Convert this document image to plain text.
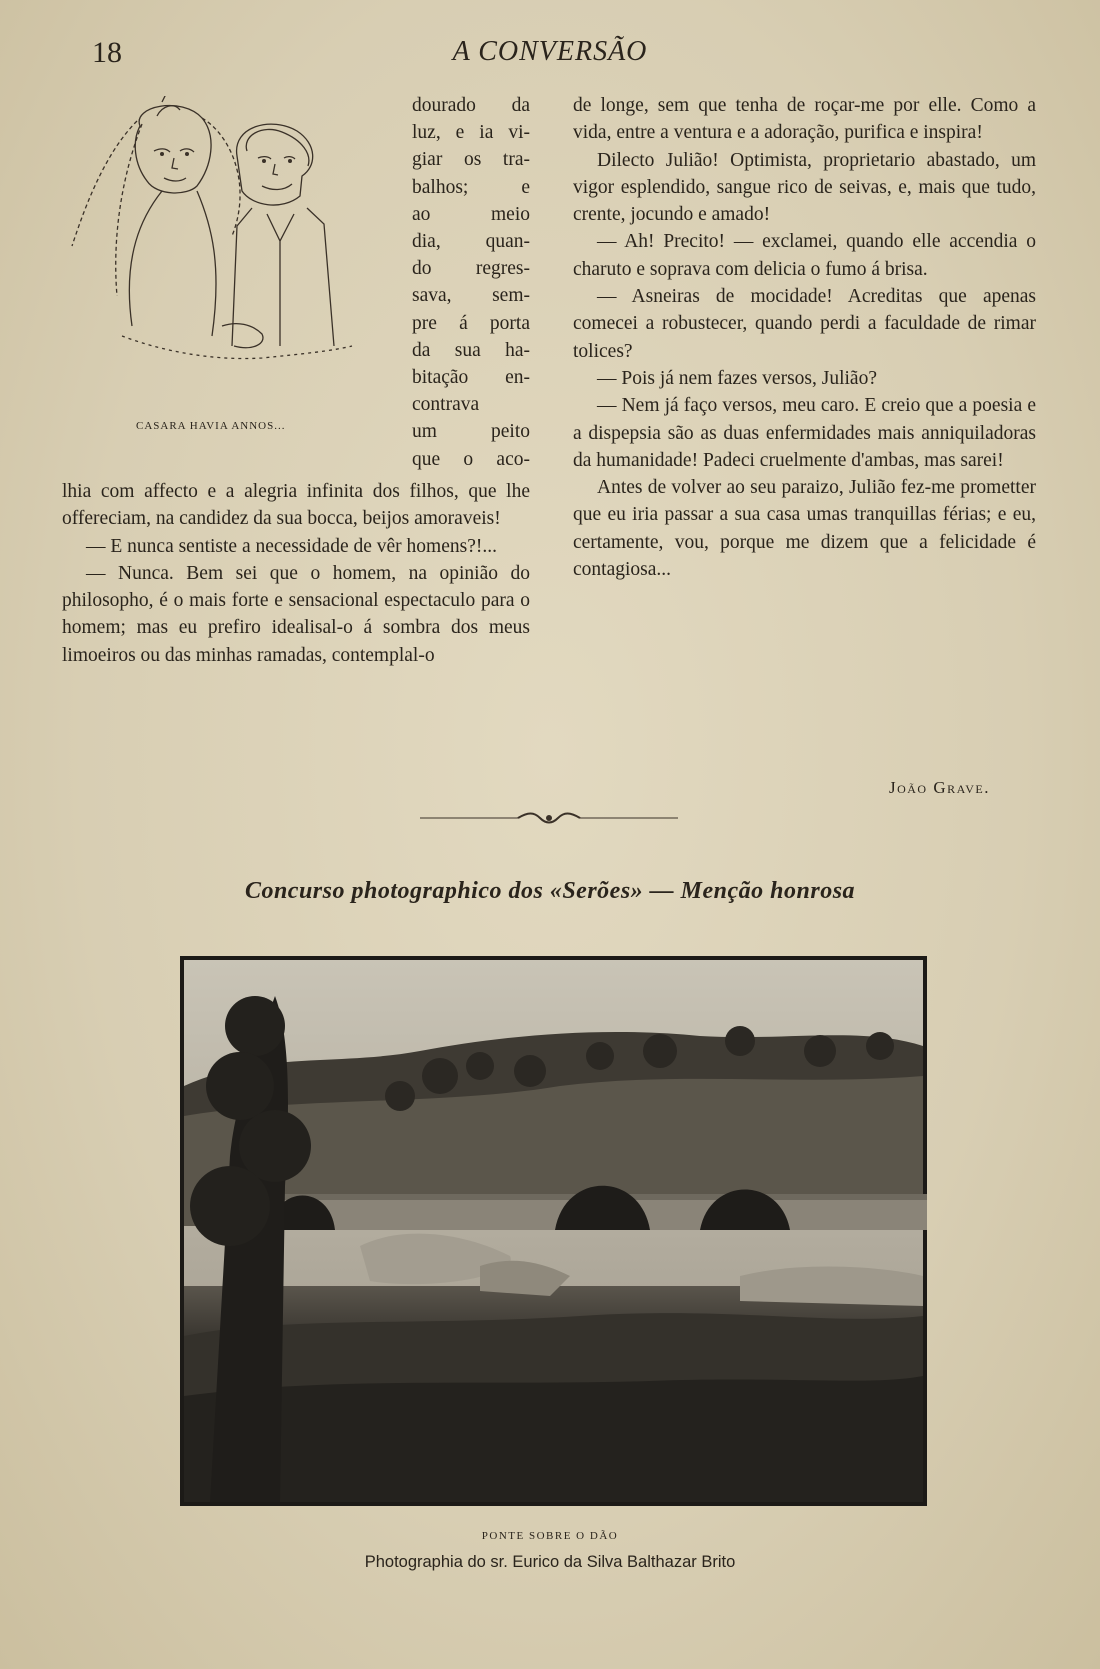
18	A CONVERSÃO
CASARA HAVIA ANNOS...
dourado da
luz, e ia vi-
giar os tra-
balhos; e
ao meio
dia, quan-
do regres-
sava, sem-
pre á porta
da sua ha-
bitação en-
contrava
um peito
que o aco-

lhia com affecto e a alegria infinita dos filhos, que lhe offereciam, na candidez da sua bocca, beijos amoraveis!

— E nunca sentiste a necessidade de vêr homens?!...

— Nunca. Bem sei que o homem, na opinião do philosopho, é o mais forte e sensacional espectaculo para o homem; mas eu prefiro idealisal-o á sombra dos meus limoeiros ou das minhas ramadas, contemplal-o

de longe, sem que tenha de roçar-me por elle. Como a vida, entre a ventura e a adoração, purifica e inspira!

Dilecto Julião! Optimista, proprietario abastado, um vigor esplendido, sangue rico de seivas, e, mais que tudo, crente, jocundo e amado!

— Ah! Precito! — exclamei, quando elle accendia o charuto e soprava com delicia o fumo á brisa.

— Asneiras de mocidade! Acreditas que apenas comecei a robustecer, quando perdi a faculdade de rimar tolices?

— Pois já nem fazes versos, Julião?

— Nem já faço versos, meu caro. E creio que a poesia e a dispepsia são as duas enfermidades mais anniquiladoras da humanidade! Padeci cruelmente d'ambas, mas sarei!

Antes de volver ao seu paraizo, Julião fez-me prometter que eu iria passar a sua casa umas tranquillas férias; e eu, certamente, vou, porque me dizem que a felicidade é contagiosa...

João Grave.
Concurso photographico dos «Serões» — Menção honrosa
PONTE SOBRE O DÃO
Photographia do sr. Eurico da Silva Balthazar Brito
